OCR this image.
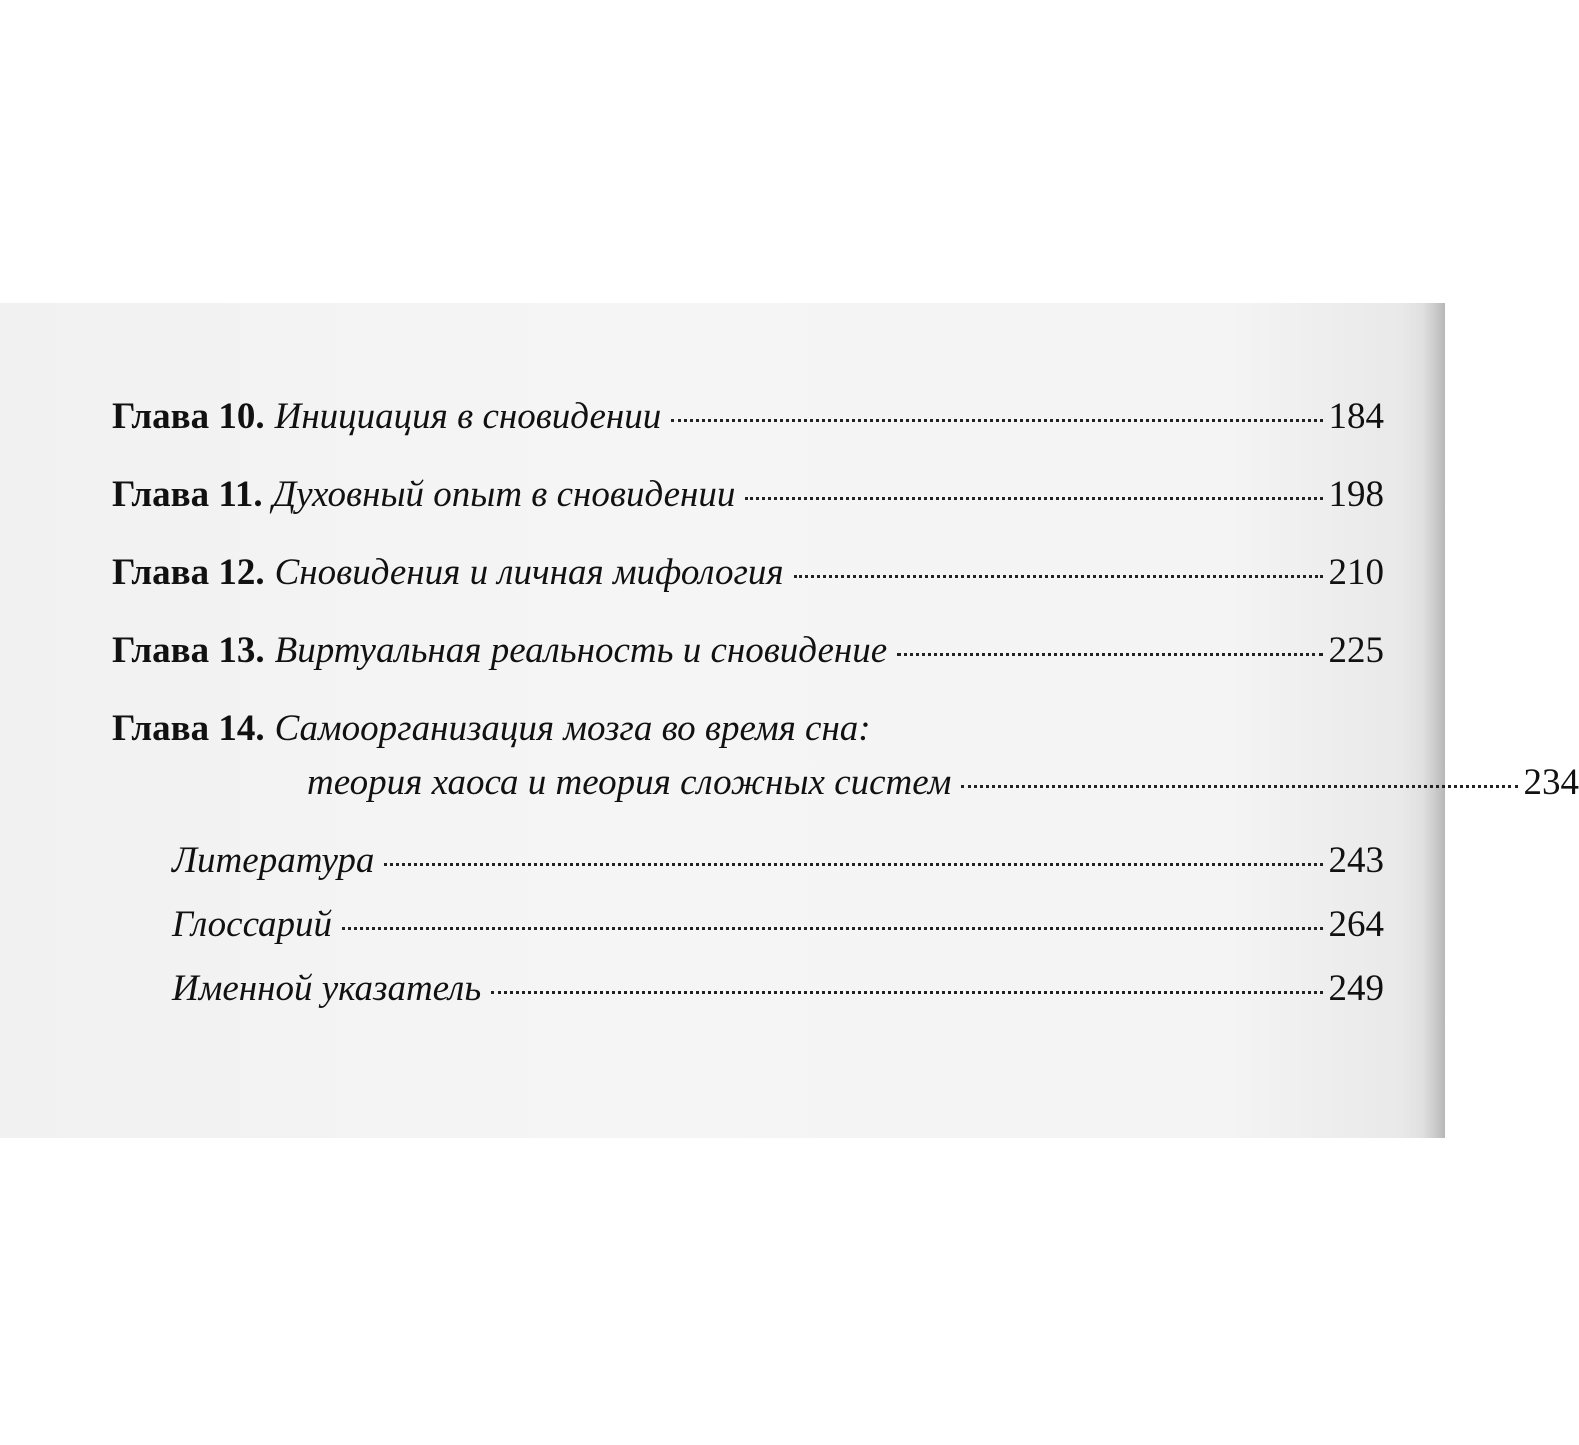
Глава 10. Инициация в сновидении	184
Глава 11. Духовный опыт в сновидении	198
Глава 12. Сновидения и личная мифология	210
Глава 13. Виртуальная реальность и сновидение	225
Глава 14. Самоорганизация мозга во время сна:
теория хаоса и теория сложных систем	234
Литература	243
Глоссарий	264
Именной указатель	249
